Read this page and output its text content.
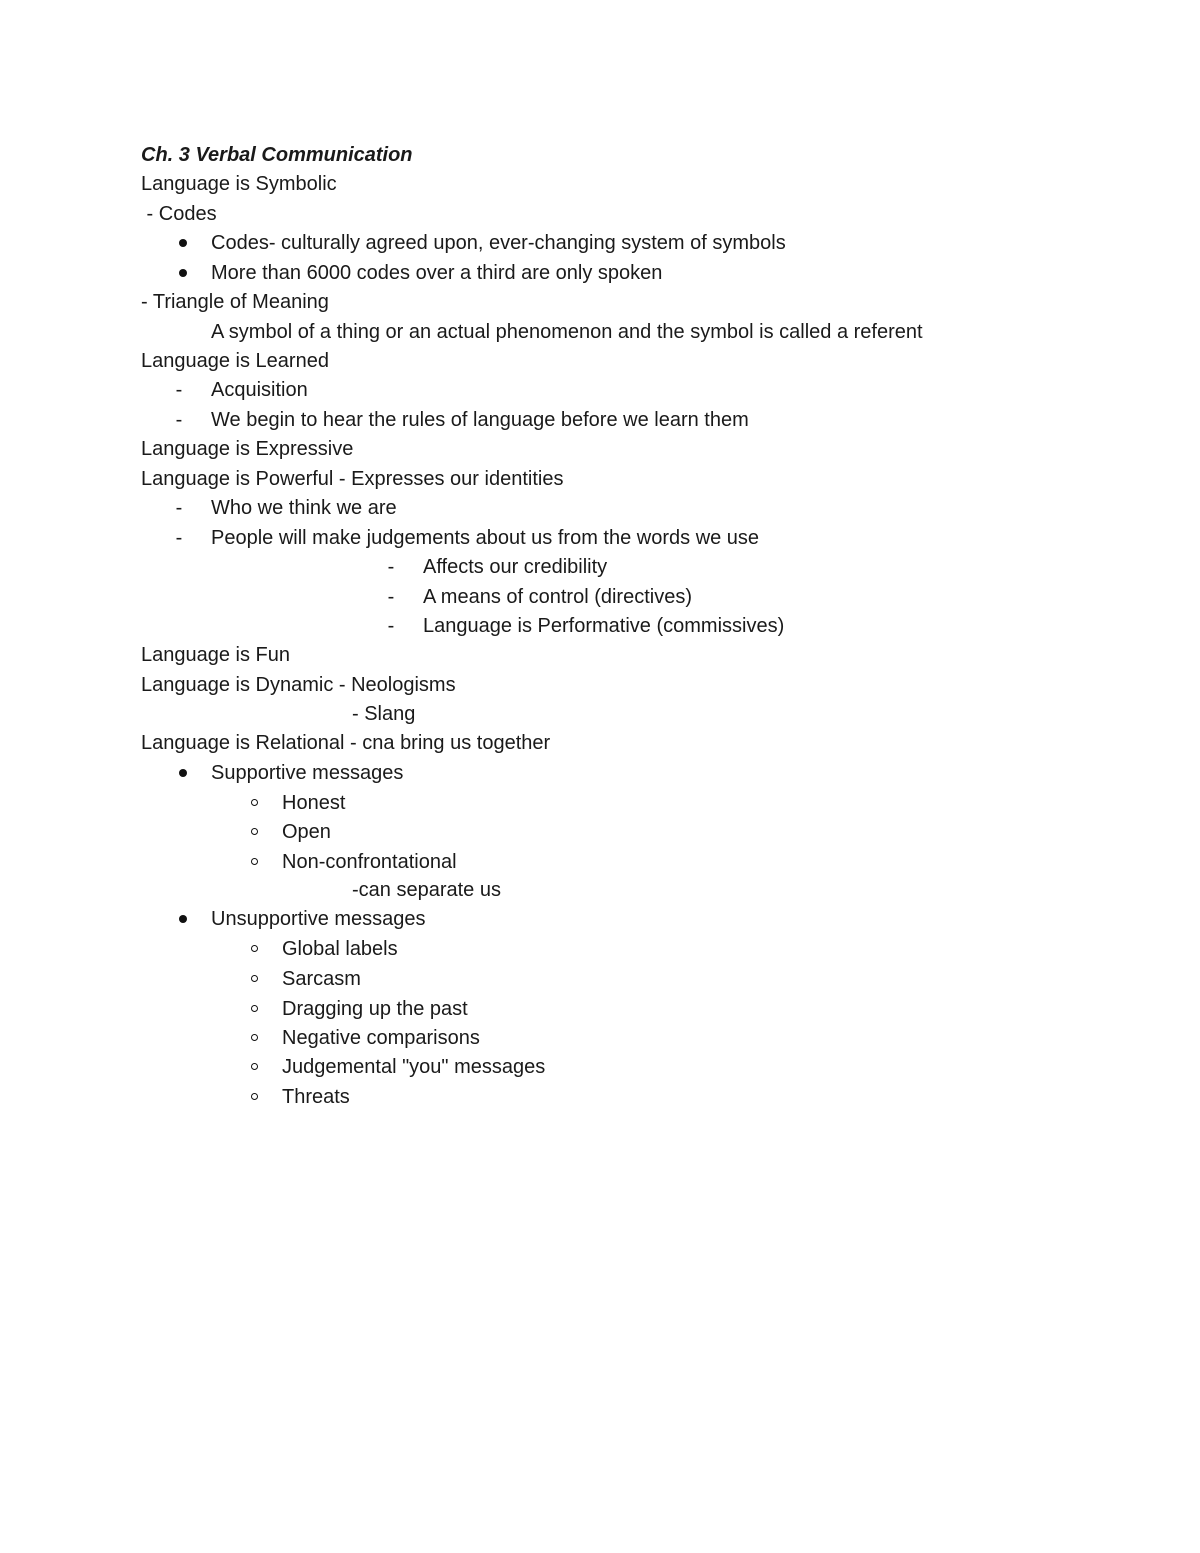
Ch. 3 Verbal Communication
Language is Symbolic
- Codes
Codes- culturally agreed upon, ever-changing system of symbols
More than 6000 codes over a third are only spoken
- Triangle of Meaning
A symbol of a thing or an actual phenomenon and the symbol is called a referent
Language is Learned
-	Acquisition
-	We begin to hear the rules of language before we learn them
Language is Expressive
Language is Powerful - Expresses our identities
-	Who we think we are
-	People will make judgements about us from the words we use
-	Affects our credibility
-	A means of control (directives)
-	Language is Performative (commissives)
Language is Fun
Language is Dynamic - Neologisms
- Slang
Language is Relational - cna bring us together
Supportive messages
Honest
Open
Non-confrontational
-can separate us
Unsupportive messages
Global labels
Sarcasm
Dragging up the past
Negative comparisons
Judgemental "you" messages
Threats
